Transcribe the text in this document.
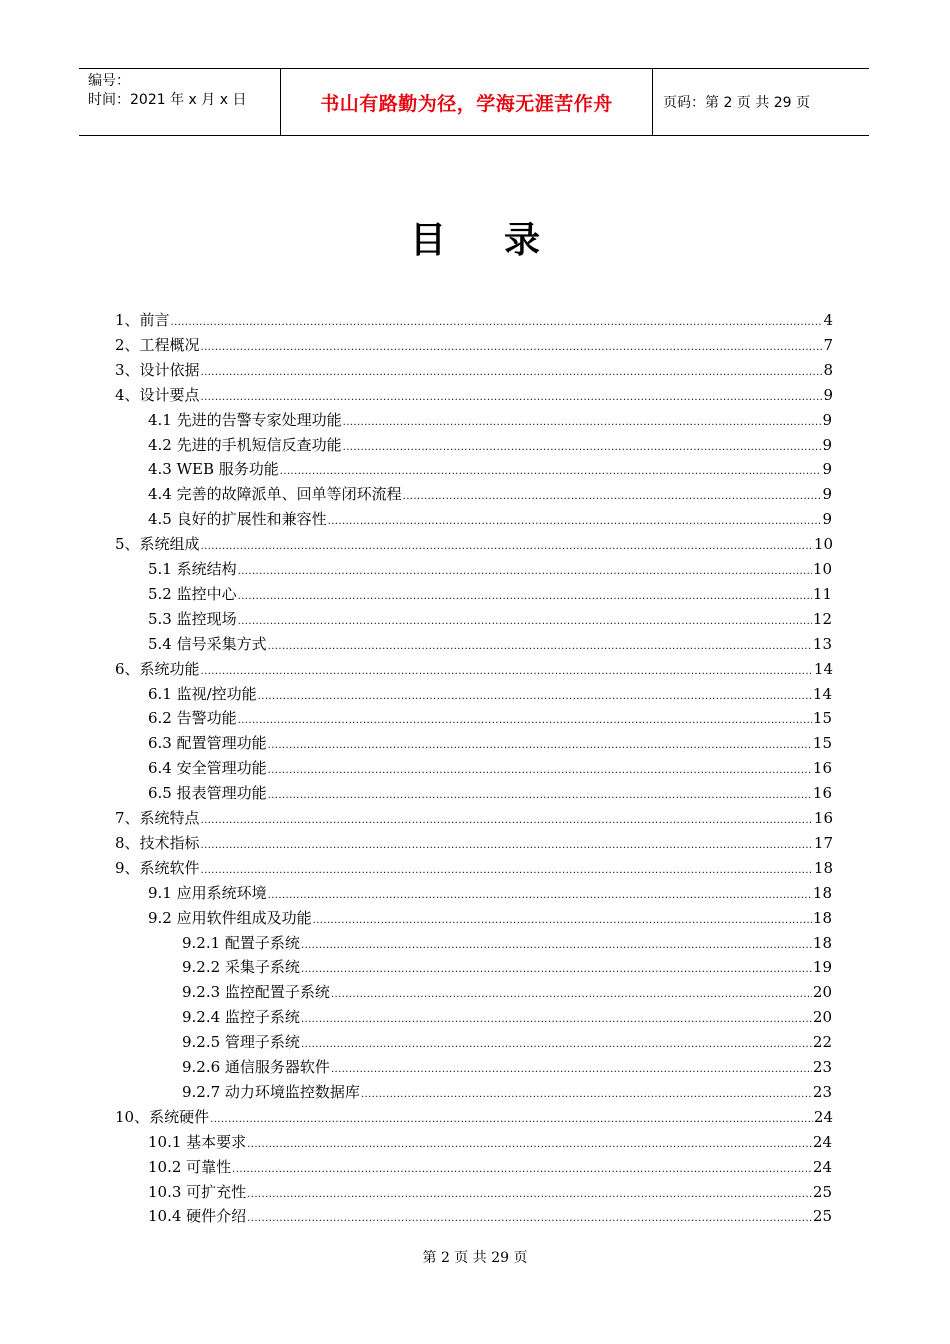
编号：
时间：2021 年 x 月 x 日	书山有路勤为径，学海无涯苦作舟	页码：第 2 页 共 29 页
目录
1、前言 .....	4
2、工程概况 .....	7
3、设计依据 .....	8
4、设计要点 .....	9
4.1 先进的告警专家处理功能 .....	9
4.2 先进的手机短信反查功能 .....	9
4.3 WEB 服务功能 .....	9
4.4 完善的故障派单、回单等闭环流程 .....	9
4.5 良好的扩展性和兼容性 .....	9
5、系统组成 .....	10
5.1 系统结构 .....	10
5.2 监控中心 .....	11
5.3 监控现场 .....	12
5.4 信号采集方式 .....	13
6、系统功能 .....	14
6.1 监视/控功能 .....	14
6.2 告警功能 .....	15
6.3 配置管理功能 .....	15
6.4 安全管理功能 .....	16
6.5 报表管理功能 .....	16
7、系统特点 .....	16
8、技术指标 .....	17
9、系统软件 .....	18
9.1 应用系统环境 .....	18
9.2 应用软件组成及功能 .....	18
9.2.1 配置子系统 .....	18
9.2.2 采集子系统 .....	19
9.2.3 监控配置子系统 .....	20
9.2.4 监控子系统 .....	20
9.2.5 管理子系统 .....	22
9.2.6 通信服务器软件 .....	23
9.2.7 动力环境监控数据库 .....	23
10、系统硬件 .....	24
10.1 基本要求 .....	24
10.2 可靠性 .....	24
10.3 可扩充性 .....	25
10.4 硬件介绍 .....	25
第 2 页 共 29 页
